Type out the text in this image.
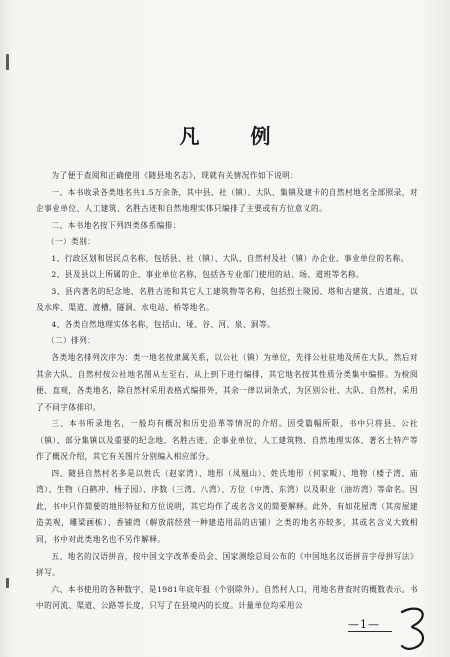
凡 例

为了便于查阅和正确使用《随县地名志》，现就有关情况作如下说明：

一、本书收录各类地名共1.5万余条，其中县、社（镇）、大队、集镇及建卡的自然村地名全部照录，对企事业单位、人工建筑、名胜古迹和自然地理实体只编排了主要或有方位意义的。

二、本书地名按下列四类体系编排：

（一）类别：

1、行政区划和居民点名称，包括县、社（镇）、大队、自然村及社（镇）办企业、事业单位的名称。

2、县及县以上所属的企、事业单位名称，包括各专业部门使用的站、场、道班等名称。

3、县内著名的纪念地、名胜古迹和其它人工建筑物等名称，包括烈士陵园、塔和古建筑、古遗址，以及水库、渠道、渡槽、隧洞、水电站、桥等地名。

4、各类自然地理实体名称，包括山、垭、谷、河、泉、洞等。

（二）排列：

各类地名排列次序为：类一地名按隶属关系，以公社（镇）为单位，先排公社驻地及所在大队，然后对其余大队、自然村按公社地名图从左至右、从上到下进行编排，其它地名按其性质分类集中编排。为检阅便、直观，各类地名，除自然村采用表格式编排外，其余一律以词条式，为区别公社、大队、自然村，采用了不同字体排印。

三、本书所录地名，一般均有概况和历史沿革等情况的介绍。因受篇幅所限，书中只将县、公社（镇）、部分集镇以及重要的纪念地、名胜古迹、企事业单位、人工建筑物、自然地理实体、著名土特产等作了概况介绍，其它有关图片分别编入相应部分。

四、随县自然村名多是以姓氏（赵家湾）、地形（凤凰山）、姓氏地形（何家畈）、地物（楼子湾、庙湾）、生物（白鹤冲、杨子园）、序数（三湾、八湾）、方位（中湾、东湾）以及职业（油坊湾）等命名。因此，书中只作简要的地形特征和方位说明，其它均作了或名含义的简要解释。此外，有如花屋湾（其房屋建造美观，雕梁画栋）、香铺湾（解放前经营一种建造用品的店铺）之类的地名亦较多，其或名含义大致相同，书中对此类地名也不另作解释。

五、地名的汉语拼音，按中国文字改革委员会、国家测绘总局公布的《中国地名汉语拼音字母拼写法》拼写。

六、本书使用的各种数字，是1981年底年报（个别除外）。自然村人口，用地名普查时的概数表示。书中的河流、渠道、公路等长度，只写了在县境内的长度。计量单位均采用公

—1—
